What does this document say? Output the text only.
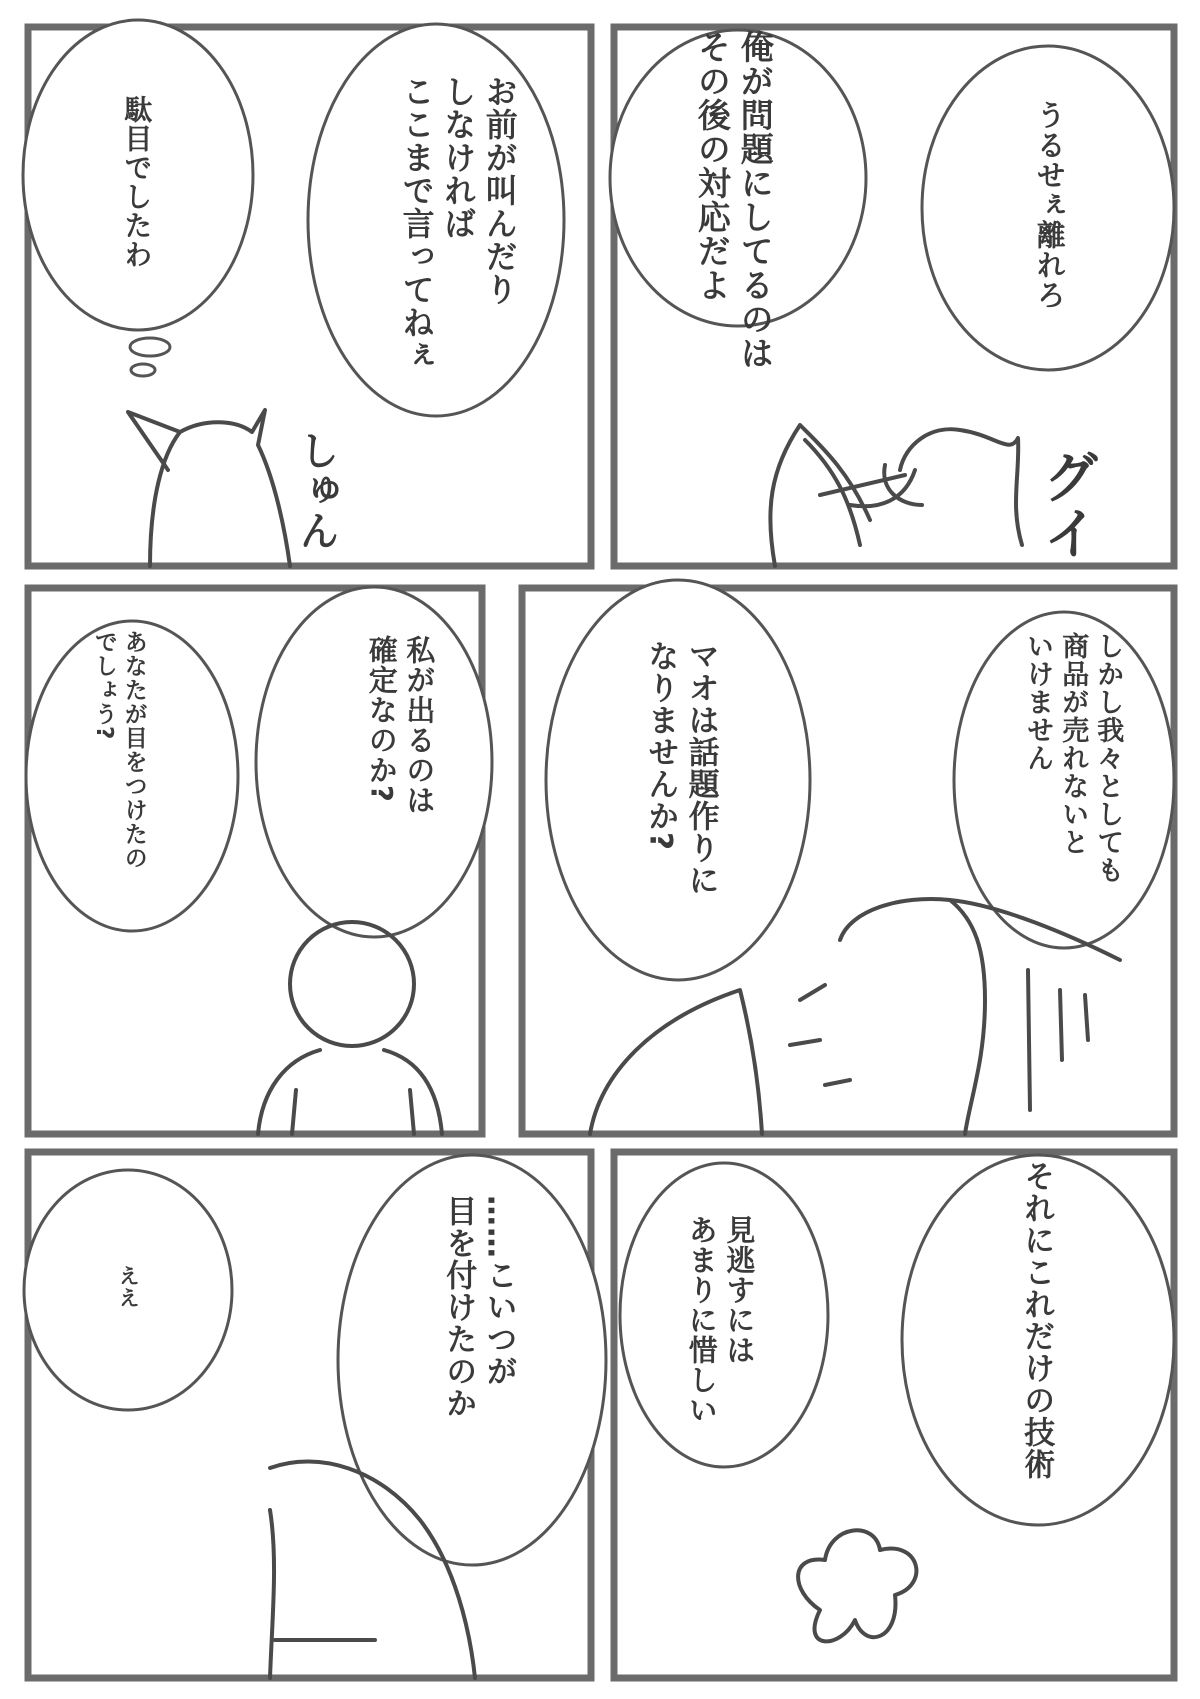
駄目でしたわ	お前が叫んだり
しなければ
ここまで言ってねぇ
しゅん
俺が問題にしてるのは
その後の対応だよ	うるせぇ離れろ
グイ
あなたが目をつけたの
でしょう?	私が出るのは
確定なのか?	マオは話題作りに
なりませんか?	しかし我々としても
商品が売れないと
いけません
ええ	……こいつが
目を付けたのか	見逃すには
あまりに惜しい	それにこれだけの技術
